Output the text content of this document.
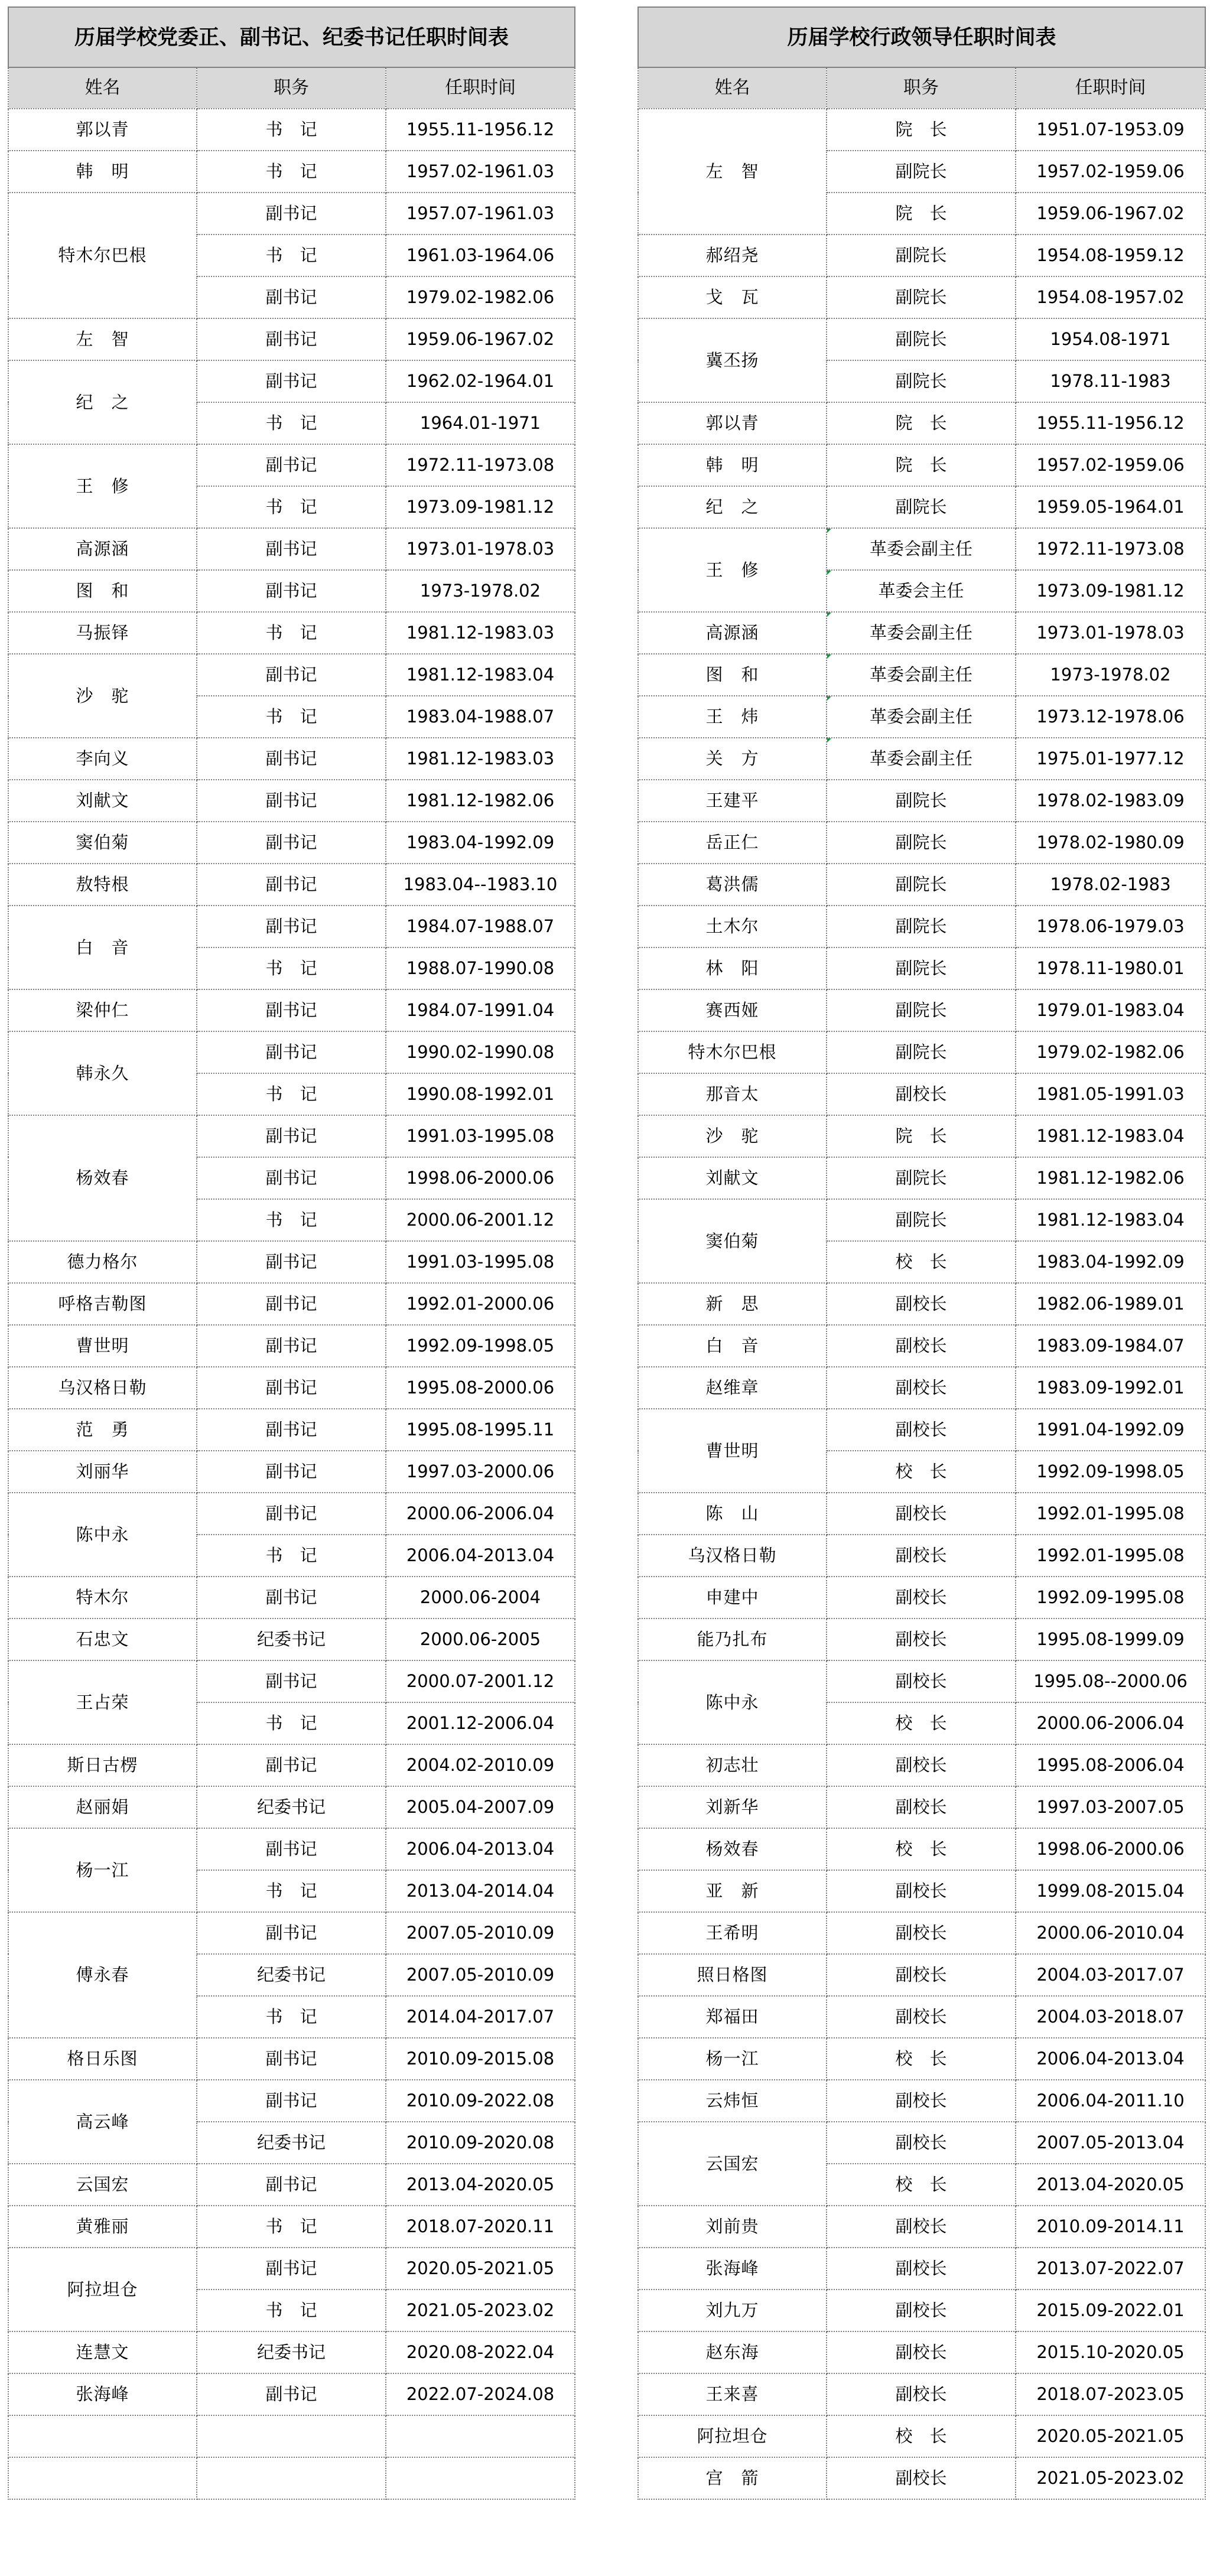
历届学校党委正、副书记、纪委书记任职时间表		
姓名	职务	任职时间
郭以青	书　记	1955.11-1956.12
韩　明	书　记	1957.02-1961.03
特木尔巴根	副书记	1957.07-1961.03
	书　记	1961.03-1964.06
	副书记	1979.02-1982.06
左　智	副书记	1959.06-1967.02
纪　之	副书记	1962.02-1964.01
	书　记	1964.01-1971
王　修	副书记	1972.11-1973.08
	书　记	1973.09-1981.12
高源涵	副书记	1973.01-1978.03
图　和	副书记	1973-1978.02
马振铎	书　记	1981.12-1983.03
沙　驼	副书记	1981.12-1983.04
	书　记	1983.04-1988.07
李向义	副书记	1981.12-1983.03
刘献文	副书记	1981.12-1982.06
窦伯菊	副书记	1983.04-1992.09
敖特根	副书记	1983.04--1983.10
白　音	副书记	1984.07-1988.07
	书　记	1988.07-1990.08
梁仲仁	副书记	1984.07-1991.04
韩永久	副书记	1990.02-1990.08
	书　记	1990.08-1992.01
杨效春	副书记	1991.03-1995.08
	副书记	1998.06-2000.06
	书　记	2000.06-2001.12
德力格尔	副书记	1991.03-1995.08
呼格吉勒图	副书记	1992.01-2000.06
曹世明	副书记	1992.09-1998.05
乌汉格日勒	副书记	1995.08-2000.06
范　勇	副书记	1995.08-1995.11
刘丽华	副书记	1997.03-2000.06
陈中永	副书记	2000.06-2006.04
	书　记	2006.04-2013.04
特木尔	副书记	2000.06-2004
石忠文	纪委书记	2000.06-2005
王占荣	副书记	2000.07-2001.12
	书　记	2001.12-2006.04
斯日古楞	副书记	2004.02-2010.09
赵丽娟	纪委书记	2005.04-2007.09
杨一江	副书记	2006.04-2013.04
	书　记	2013.04-2014.04
傅永春	副书记	2007.05-2010.09
	纪委书记	2007.05-2010.09
	书　记	2014.04-2017.07
格日乐图	副书记	2010.09-2015.08
高云峰	副书记	2010.09-2022.08
	纪委书记	2010.09-2020.08
云国宏	副书记	2013.04-2020.05
黄雅丽	书　记	2018.07-2020.11
阿拉坦仓	副书记	2020.05-2021.05
	书　记	2021.05-2023.02
连慧文	纪委书记	2020.08-2022.04
张海峰	副书记	2022.07-2024.08

历届学校行政领导任职时间表		
姓名	职务	任职时间
左　智	院　长	1951.07-1953.09
	副院长	1957.02-1959.06
	院　长	1959.06-1967.02
郝绍尧	副院长	1954.08-1959.12
戈　瓦	副院长	1954.08-1957.02
冀丕扬	副院长	1954.08-1971
	副院长	1978.11-1983
郭以青	院　长	1955.11-1956.12
韩　明	院　长	1957.02-1959.06
纪　之	副院长	1959.05-1964.01
王　修	革委会副主任	1972.11-1973.08
	革委会主任	1973.09-1981.12
高源涵	革委会副主任	1973.01-1978.03
图　和	革委会副主任	1973-1978.02
王　炜	革委会副主任	1973.12-1978.06
关　方	革委会副主任	1975.01-1977.12
王建平	副院长	1978.02-1983.09
岳正仁	副院长	1978.02-1980.09
葛洪儒	副院长	1978.02-1983
土木尔	副院长	1978.06-1979.03
林　阳	副院长	1978.11-1980.01
赛西娅	副院长	1979.01-1983.04
特木尔巴根	副院长	1979.02-1982.06
那音太	副校长	1981.05-1991.03
沙　驼	院　长	1981.12-1983.04
刘献文	副院长	1981.12-1982.06
窦伯菊	副院长	1981.12-1983.04
	校　长	1983.04-1992.09
新　思	副校长	1982.06-1989.01
白　音	副校长	1983.09-1984.07
赵维章	副校长	1983.09-1992.01
曹世明	副校长	1991.04-1992.09
	校　长	1992.09-1998.05
陈　山	副校长	1992.01-1995.08
乌汉格日勒	副校长	1992.01-1995.08
申建中	副校长	1992.09-1995.08
能乃扎布	副校长	1995.08-1999.09
陈中永	副校长	1995.08--2000.06
	校　长	2000.06-2006.04
初志壮	副校长	1995.08-2006.04
刘新华	副校长	1997.03-2007.05
杨效春	校　长	1998.06-2000.06
亚　新	副校长	1999.08-2015.04
王希明	副校长	2000.06-2010.04
照日格图	副校长	2004.03-2017.07
郑福田	副校长	2004.03-2018.07
杨一江	校　长	2006.04-2013.04
云炜恒	副校长	2006.04-2011.10
云国宏	副校长	2007.05-2013.04
	校　长	2013.04-2020.05
刘前贵	副校长	2010.09-2014.11
张海峰	副校长	2013.07-2022.07
刘九万	副校长	2015.09-2022.01
赵东海	副校长	2015.10-2020.05
王来喜	副校长	2018.07-2023.05
阿拉坦仓	校　长	2020.05-2021.05
宫　箭	副校长	2021.05-2023.02
